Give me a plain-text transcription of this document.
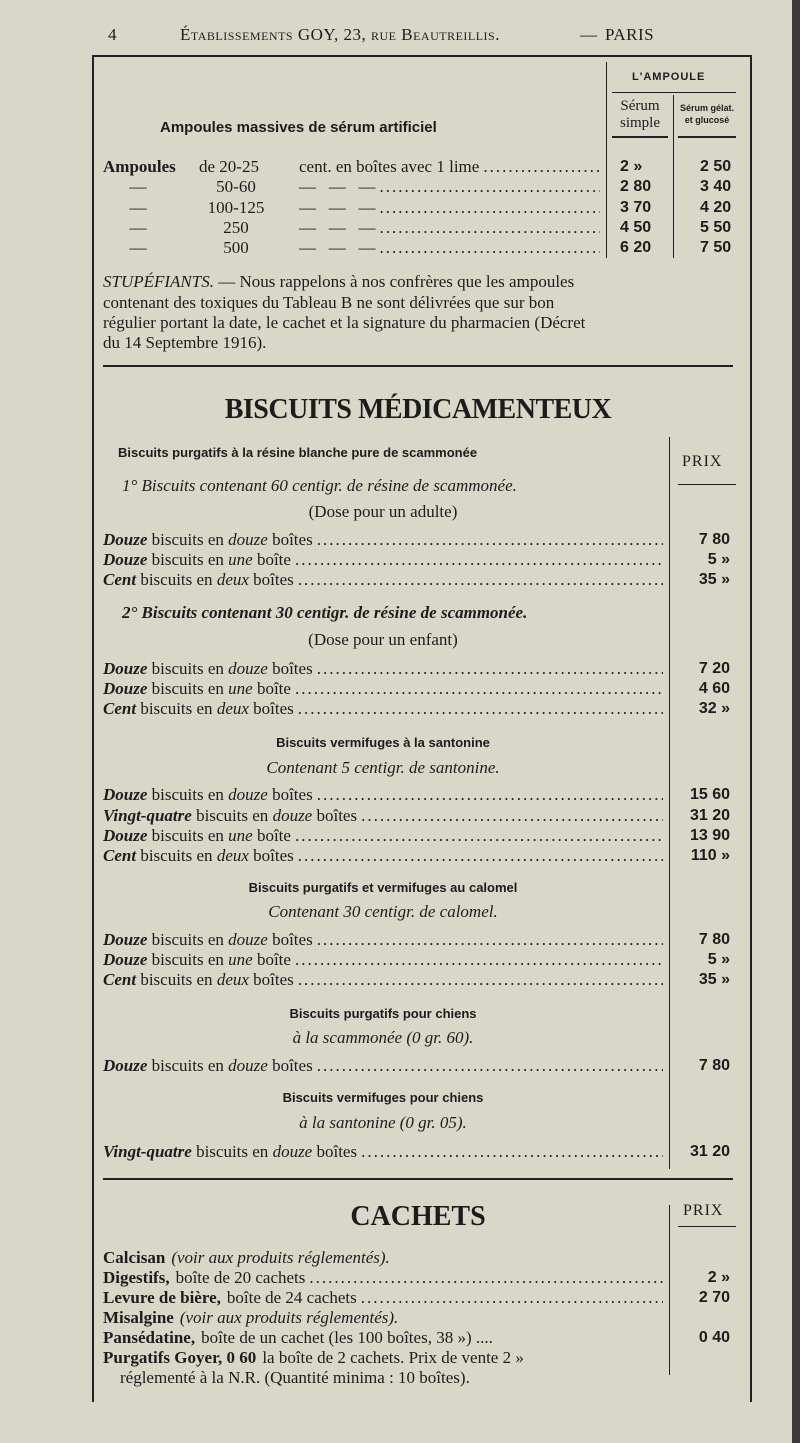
4	Établissements GOY, 23, rue Beautreillis.	— PARIS
L'AMPOULE
Sérum
simple
Sérum gélat.
et glucosé
Ampoules massives de sérum artificiel
STUPÉFIANTS. — Nous rappelons à nos confrères que les ampoules
contenant des toxiques du Tableau B ne sont délivrées que sur bon
régulier portant la date, le cachet et la signature du pharmacien (Décret
du 14 Septembre 1916).
BISCUITS MÉDICAMENTEUX
PRIX
Biscuits purgatifs à la résine blanche pure de scammonée
1° Biscuits contenant 60 centigr. de résine de scammonée.
(Dose pour un adulte)
2° Biscuits contenant 30 centigr. de résine de scammonée.
(Dose pour un enfant)
Biscuits vermifuges à la santonine
Contenant 5 centigr. de santonine.
Biscuits purgatifs et vermifuges au calomel
Contenant 30 centigr. de calomel.
Biscuits purgatifs pour chiens
à la scammonée (0 gr. 60).
Biscuits vermifuges pour chiens
à la santonine (0 gr. 05).
CACHETS	PRIX
réglementé à la N.R. (Quantité minima : 10 boîtes).
Ampoules	de 20-25	cent. en boîtes avec 1 lime .....	2 »	2 50
—	50-60	—   —   — .....	2 80	3 40
—	100-125	—   —   — .....	3 70	4 20
—	250	—   —   — .....	4 50	5 50
—	500	—   —   — .....	6 20	7 50
Douze biscuits en douze boîtes .....	7 80
Douze biscuits en une boîte .....	5 »
Cent biscuits en deux boîtes .....	35 »
Douze biscuits en douze boîtes .....	7 20
Douze biscuits en une boîte .....	4 60
Cent biscuits en deux boîtes .....	32 »
Douze biscuits en douze boîtes .....	15 60
Vingt-quatre biscuits en douze boîtes .....	31 20
Douze biscuits en une boîte .....	13 90
Cent biscuits en deux boîtes .....	110 »
Douze biscuits en douze boîtes .....	7 80
Douze biscuits en une boîte .....	5 »
Cent biscuits en deux boîtes .....	35 »
Douze biscuits en douze boîtes .....	7 80
Vingt-quatre biscuits en douze boîtes .....	31 20
Calcisan (voir aux produits réglementés).
Digestifs, boîte de 20 cachets .....	2 »
Levure de bière, boîte de 24 cachets .....	2 70
Misalgine (voir aux produits réglementés).
Pansédatine, boîte de un cachet (les 100 boîtes, 38 ») ....	0 40
Purgatifs Goyer, 0 60 la boîte de 2 cachets. Prix de vente 2 »
